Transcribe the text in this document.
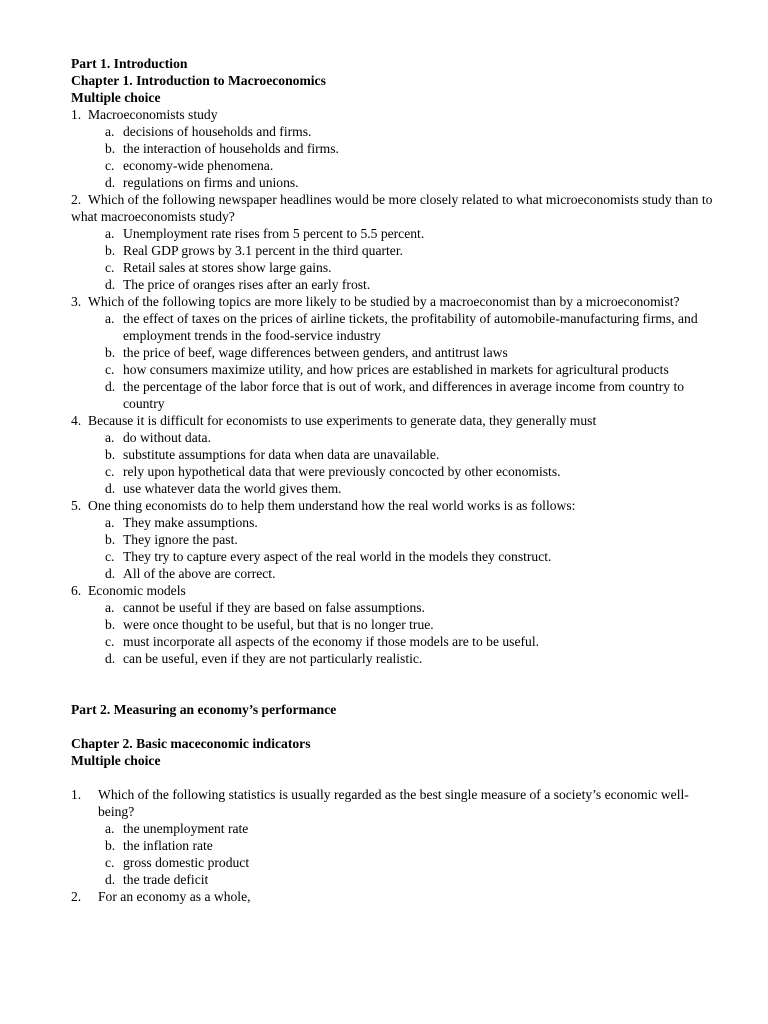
Part 1. Introduction
Chapter 1. Introduction to Macroeconomics
Multiple choice
1. Macroeconomists study
a. decisions of households and firms.
b. the interaction of households and firms.
c. economy-wide phenomena.
d. regulations on firms and unions.
2. Which of the following newspaper headlines would be more closely related to what microeconomists study than to what macroeconomists study?
a. Unemployment rate rises from 5 percent to 5.5 percent.
b. Real GDP grows by 3.1 percent in the third quarter.
c. Retail sales at stores show large gains.
d. The price of oranges rises after an early frost.
3. Which of the following topics are more likely to be studied by a macroeconomist than by a microeconomist?
a. the effect of taxes on the prices of airline tickets, the profitability of automobile-manufacturing firms, and employment trends in the food-service industry
b. the price of beef, wage differences between genders, and antitrust laws
c. how consumers maximize utility, and how prices are established in markets for agricultural products
d. the percentage of the labor force that is out of work, and differences in average income from country to country
4. Because it is difficult for economists to use experiments to generate data, they generally must
a. do without data.
b. substitute assumptions for data when data are unavailable.
c. rely upon hypothetical data that were previously concocted by other economists.
d. use whatever data the world gives them.
5. One thing economists do to help them understand how the real world works is as follows:
a. They make assumptions.
b. They ignore the past.
c. They try to capture every aspect of the real world in the models they construct.
d. All of the above are correct.
6. Economic models
a. cannot be useful if they are based on false assumptions.
b. were once thought to be useful, but that is no longer true.
c. must incorporate all aspects of the economy if those models are to be useful.
d. can be useful, even if they are not particularly realistic.
Part 2. Measuring an economy’s performance
Chapter 2. Basic maceconomic indicators
Multiple choice
1. Which of the following statistics is usually regarded as the best single measure of a society’s economic well-being?
a. the unemployment rate
b. the inflation rate
c. gross domestic product
d. the trade deficit
2. For an economy as a whole,
